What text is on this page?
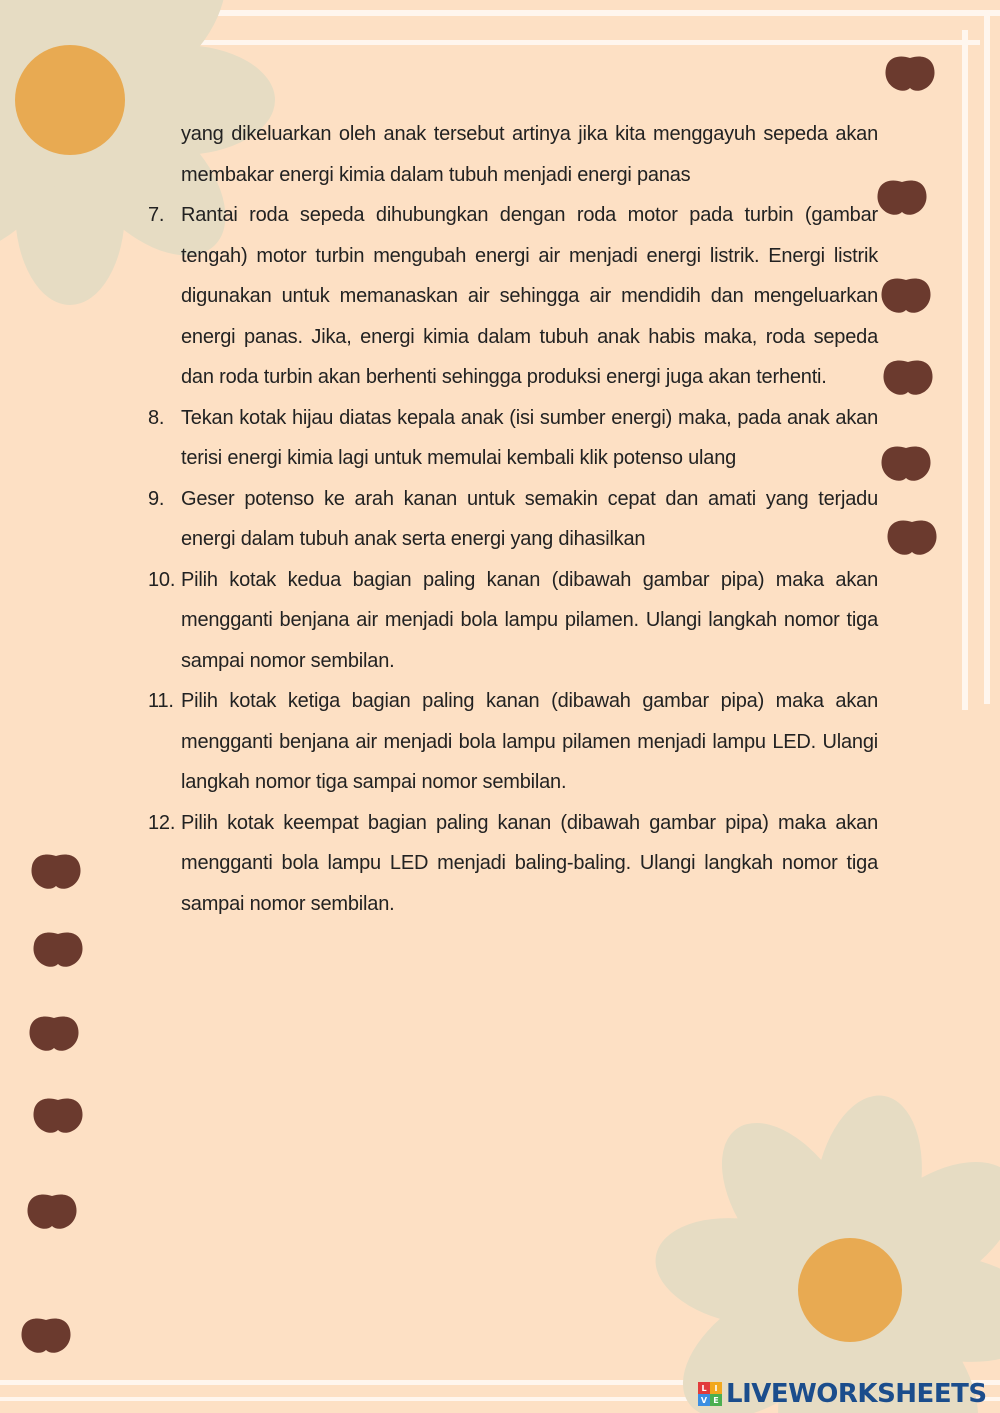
yang dikeluarkan oleh anak tersebut artinya jika kita menggayuh sepeda akan membakar energi kimia dalam tubuh menjadi energi panas
7. Rantai roda sepeda dihubungkan dengan roda motor pada turbin (gambar tengah) motor turbin mengubah energi air menjadi energi listrik. Energi listrik digunakan untuk memanaskan air sehingga air mendidih dan mengeluarkan energi panas. Jika, energi kimia dalam tubuh anak habis maka, roda sepeda dan roda turbin akan berhenti sehingga produksi energi juga akan terhenti.
8. Tekan kotak hijau diatas kepala anak (isi sumber energi) maka, pada anak akan terisi energi kimia lagi untuk memulai kembali klik potenso ulang
9. Geser potenso ke arah kanan untuk semakin cepat dan amati yang terjadu energi dalam tubuh anak serta energi yang dihasilkan
10. Pilih kotak kedua bagian paling kanan (dibawah gambar pipa) maka akan mengganti benjana air menjadi bola lampu pilamen. Ulangi langkah nomor tiga sampai nomor sembilan.
11. Pilih kotak ketiga bagian paling kanan (dibawah gambar pipa) maka akan mengganti benjana air menjadi bola lampu pilamen menjadi lampu LED. Ulangi langkah nomor tiga sampai nomor sembilan.
12. Pilih kotak keempat bagian paling kanan (dibawah gambar pipa) maka akan mengganti bola lampu LED menjadi baling-baling. Ulangi langkah nomor tiga sampai nomor sembilan.
L I
V E LIVEWORKSHEETS
